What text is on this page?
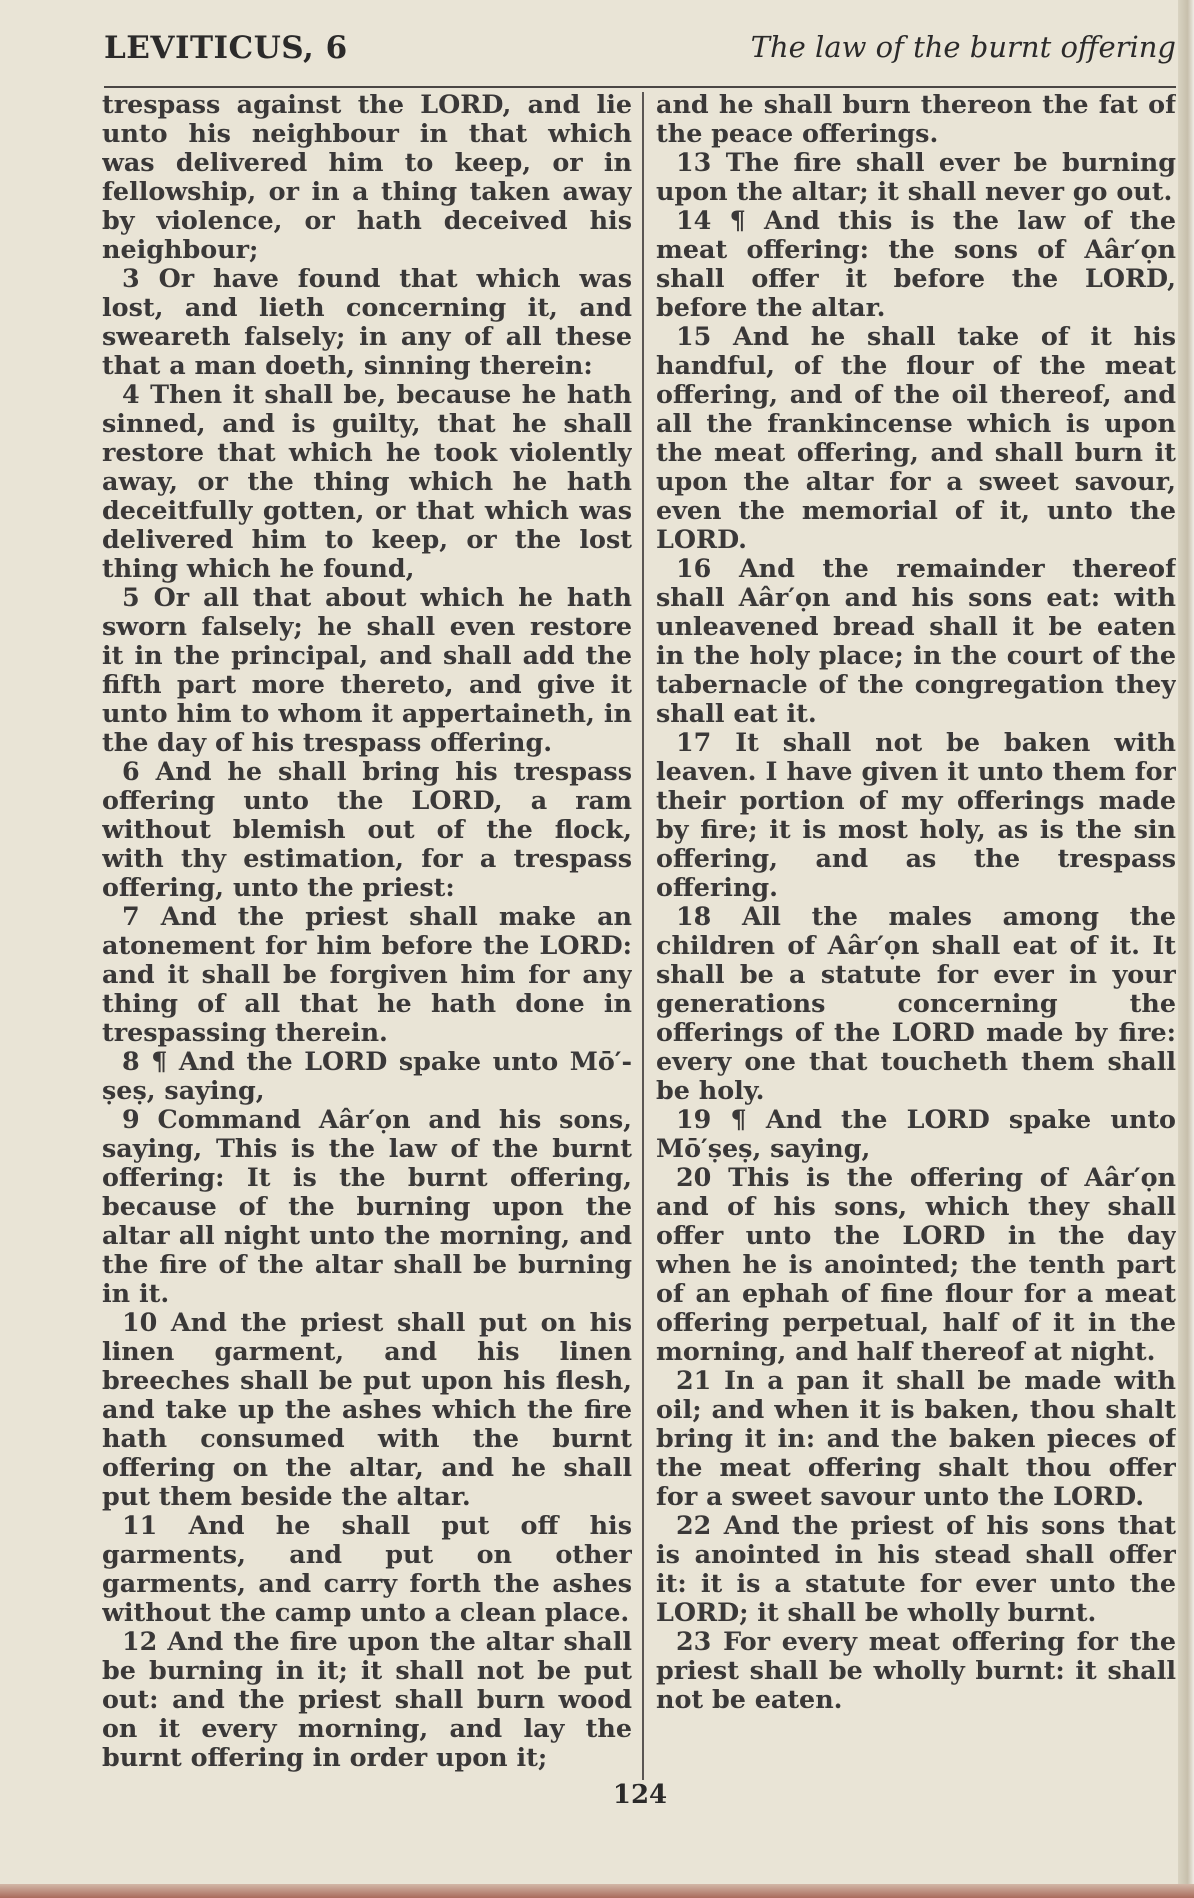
LEVITICUS, 6	The law of the burnt offering

trespass against the LORD, and lie unto his neighbour in that which was delivered him to keep, or in fellowship, or in a thing taken away by violence, or hath deceived his neighbour;

3 Or have found that which was lost, and lieth concerning it, and sweareth falsely; in any of all these that a man doeth, sinning therein:

4 Then it shall be, because he hath sinned, and is guilty, that he shall restore that which he took violently away, or the thing which he hath deceitfully gotten, or that which was delivered him to keep, or the lost thing which he found,

5 Or all that about which he hath sworn falsely; he shall even restore it in the principal, and shall add the fifth part more thereto, and give it unto him to whom it appertaineth, in the day of his trespass offering.

6 And he shall bring his trespass offering unto the LORD, a ram without blemish out of the flock, with thy estimation, for a trespass offering, unto the priest:

7 And the priest shall make an atonement for him before the LORD: and it shall be forgiven him for any thing of all that he hath done in trespassing therein.

8 ¶ And the LORD spake unto Mō′-ṣeṣ, saying,

9 Command Aâr′ọn and his sons, saying, This is the law of the burnt offering: It is the burnt offering, because of the burning upon the altar all night unto the morning, and the fire of the altar shall be burning in it.

10 And the priest shall put on his linen garment, and his linen breeches shall be put upon his flesh, and take up the ashes which the fire hath consumed with the burnt offering on the altar, and he shall put them beside the altar.

11 And he shall put off his garments, and put on other garments, and carry forth the ashes without the camp unto a clean place.

12 And the fire upon the altar shall be burning in it; it shall not be put out: and the priest shall burn wood on it every morning, and lay the burnt offering in order upon it;

and he shall burn thereon the fat of the peace offerings.

13 The fire shall ever be burning upon the altar; it shall never go out.

14 ¶ And this is the law of the meat offering: the sons of Aâr′ọn shall offer it before the LORD, before the altar.

15 And he shall take of it his handful, of the flour of the meat offering, and of the oil thereof, and all the frankincense which is upon the meat offering, and shall burn it upon the altar for a sweet savour, even the memorial of it, unto the LORD.

16 And the remainder thereof shall Aâr′ọn and his sons eat: with unleavened bread shall it be eaten in the holy place; in the court of the tabernacle of the congregation they shall eat it.

17 It shall not be baken with leaven. I have given it unto them for their portion of my offerings made by fire; it is most holy, as is the sin offering, and as the trespass offering.

18 All the males among the children of Aâr′ọn shall eat of it. It shall be a statute for ever in your generations concerning the offerings of the LORD made by fire: every one that toucheth them shall be holy.

19 ¶ And the LORD spake unto Mō′ṣeṣ, saying,

20 This is the offering of Aâr′ọn and of his sons, which they shall offer unto the LORD in the day when he is anointed; the tenth part of an ephah of fine flour for a meat offering perpetual, half of it in the morning, and half thereof at night.

21 In a pan it shall be made with oil; and when it is baken, thou shalt bring it in: and the baken pieces of the meat offering shalt thou offer for a sweet savour unto the LORD.

22 And the priest of his sons that is anointed in his stead shall offer it: it is a statute for ever unto the LORD; it shall be wholly burnt.

23 For every meat offering for the priest shall be wholly burnt: it shall not be eaten.

124
